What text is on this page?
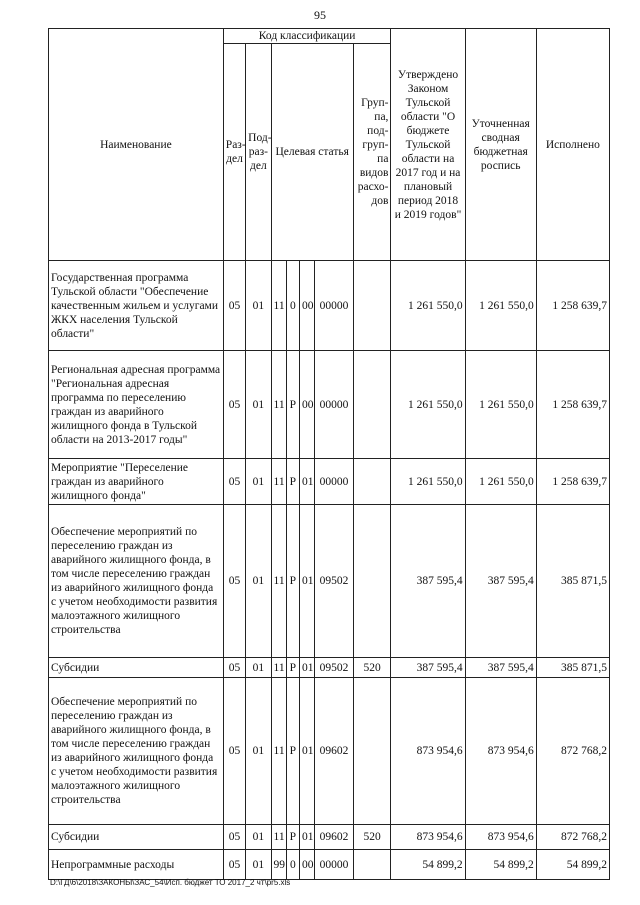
95
Наименование	Код классификации							Утверждено Законом Тульской области "О бюджете Тульской области на 2017 год и на плановый период 2018 и 2019 годов"	Уточненная сводная бюджетная роспись	Исполнено
	Раз-дел	Под-раз-дел	Целевая статья				Груп-па, под-груп-па видов расхо-дов			
Государственная программа Тульской области "Обеспечение качественным жильем и услугами ЖКХ населения Тульской области"	05	01	11	0	00	00000		1 261 550,0	1 261 550,0	1 258 639,7
Региональная адресная программа "Региональная адресная программа по переселению граждан из аварийного жилищного фонда в Тульской области на 2013-2017 годы"	05	01	11	Р	00	00000		1 261 550,0	1 261 550,0	1 258 639,7
Мероприятие "Переселение граждан из аварийного жилищного фонда"	05	01	11	Р	01	00000		1 261 550,0	1 261 550,0	1 258 639,7
Обеспечение мероприятий по переселению граждан из аварийного жилищного фонда, в том числе переселению граждан из аварийного жилищного фонда с учетом необходимости развития малоэтажного жилищного строительства	05	01	11	Р	01	09502		387 595,4	387 595,4	385 871,5
Субсидии	05	01	11	Р	01	09502	520	387 595,4	387 595,4	385 871,5
Обеспечение мероприятий по переселению граждан из аварийного жилищного фонда, в том числе переселению граждан из аварийного жилищного фонда с учетом необходимости развития малоэтажного жилищного строительства	05	01	11	Р	01	09602		873 954,6	873 954,6	872 768,2
Субсидии	05	01	11	Р	01	09602	520	873 954,6	873 954,6	872 768,2
Непрограммные расходы	05	01	99	0	00	00000		54 899,2	54 899,2	54 899,2
D:\ГД\6\2018\ЗАКОНЫ\ЗАС_54\Исп. бюджет ТО 2017_2 чт\pr5.xls
